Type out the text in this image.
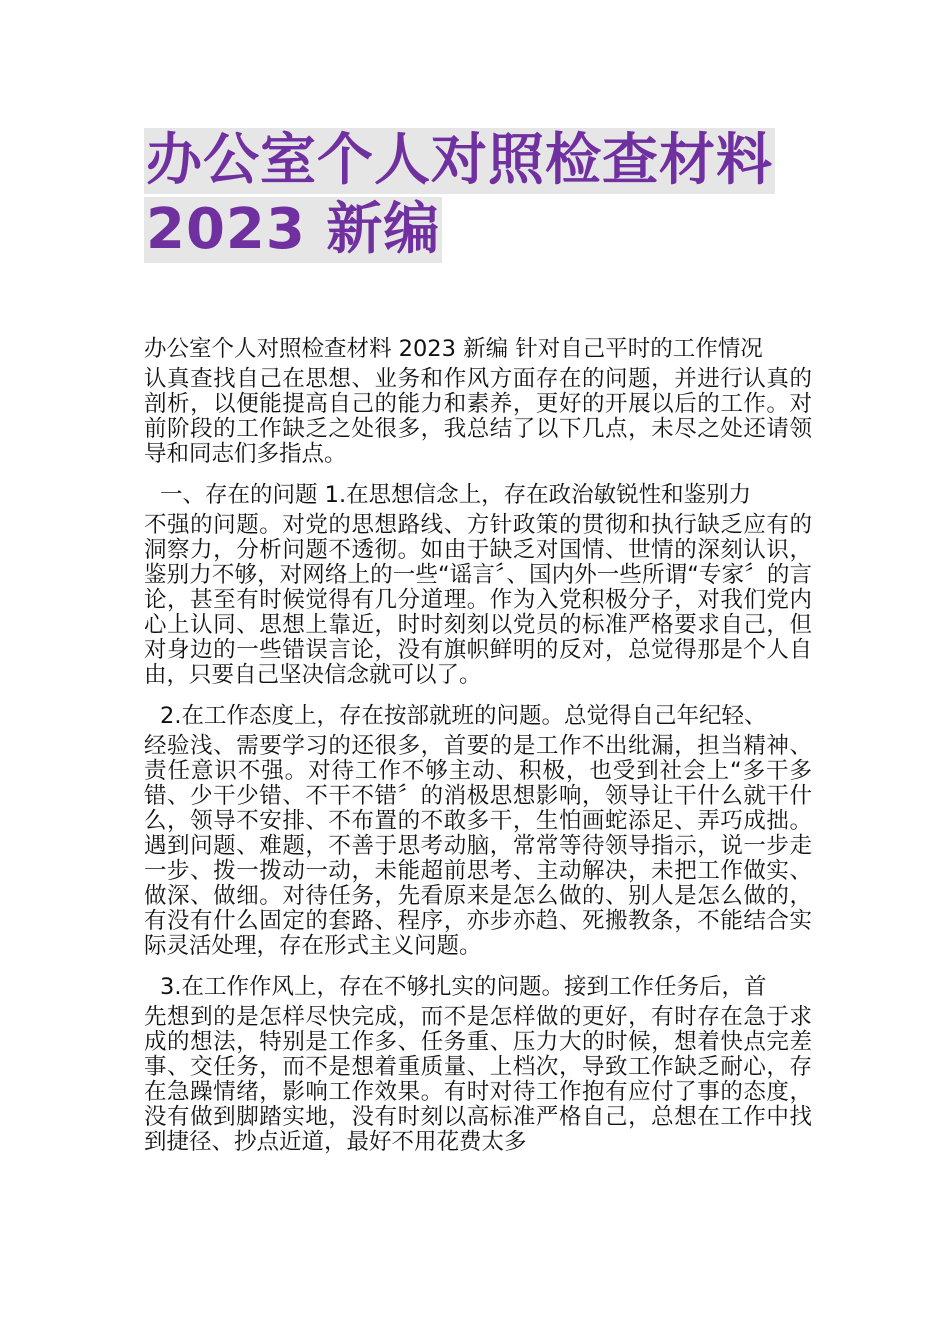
办公室个人对照检查材料
2023 新编

办公室个人对照检查材料 2023 新编 针对自己平时的工作情况

认真查找自己在思想、业务和作风方面存在的问题，并进行认真的剖析，以便能提高自己的能力和素养，更好的开展以后的工作。对前阶段的工作缺乏之处很多，我总结了以下几点，未尽之处还请领导和同志们多指点。

一、存在的问题 1.在思想信念上，存在政治敏锐性和鉴别力

不强的问题。对党的思想路线、方针政策的贯彻和执行缺乏应有的洞察力，分析问题不透彻。如由于缺乏对国情、世情的深刻认识，鉴别力不够，对网络上的一些“谣言〞、国内外一些所谓“专家〞的言论，甚至有时候觉得有几分道理。作为入党积极分子，对我们党内心上认同、思想上靠近，时时刻刻以党员的标准严格要求自己，但对身边的一些错误言论，没有旗帜鲜明的反对，总觉得那是个人自由，只要自己坚决信念就可以了。

2.在工作态度上，存在按部就班的问题。总觉得自己年纪轻、

经验浅、需要学习的还很多，首要的是工作不出纰漏，担当精神、责任意识不强。对待工作不够主动、积极，也受到社会上“多干多错、少干少错、不干不错〞的消极思想影响，领导让干什么就干什么，领导不安排、不布置的不敢多干，生怕画蛇添足、弄巧成拙。遇到问题、难题，不善于思考动脑，常常等待领导指示，说一步走一步、拨一拨动一动，未能超前思考、主动解决，未把工作做实、做深、做细。对待任务，先看原来是怎么做的、别人是怎么做的，有没有什么固定的套路、程序，亦步亦趋、死搬教条，不能结合实际灵活处理，存在形式主义问题。

3.在工作作风上，存在不够扎实的问题。接到工作任务后，首

先想到的是怎样尽快完成，而不是怎样做的更好，有时存在急于求成的想法，特别是工作多、任务重、压力大的时候，想着快点完差事、交任务，而不是想着重质量、上档次，导致工作缺乏耐心，存在急躁情绪，影响工作效果。有时对待工作抱有应付了事的态度，没有做到脚踏实地，没有时刻以高标准严格自己，总想在工作中找到捷径、抄点近道，最好不用花费太多
